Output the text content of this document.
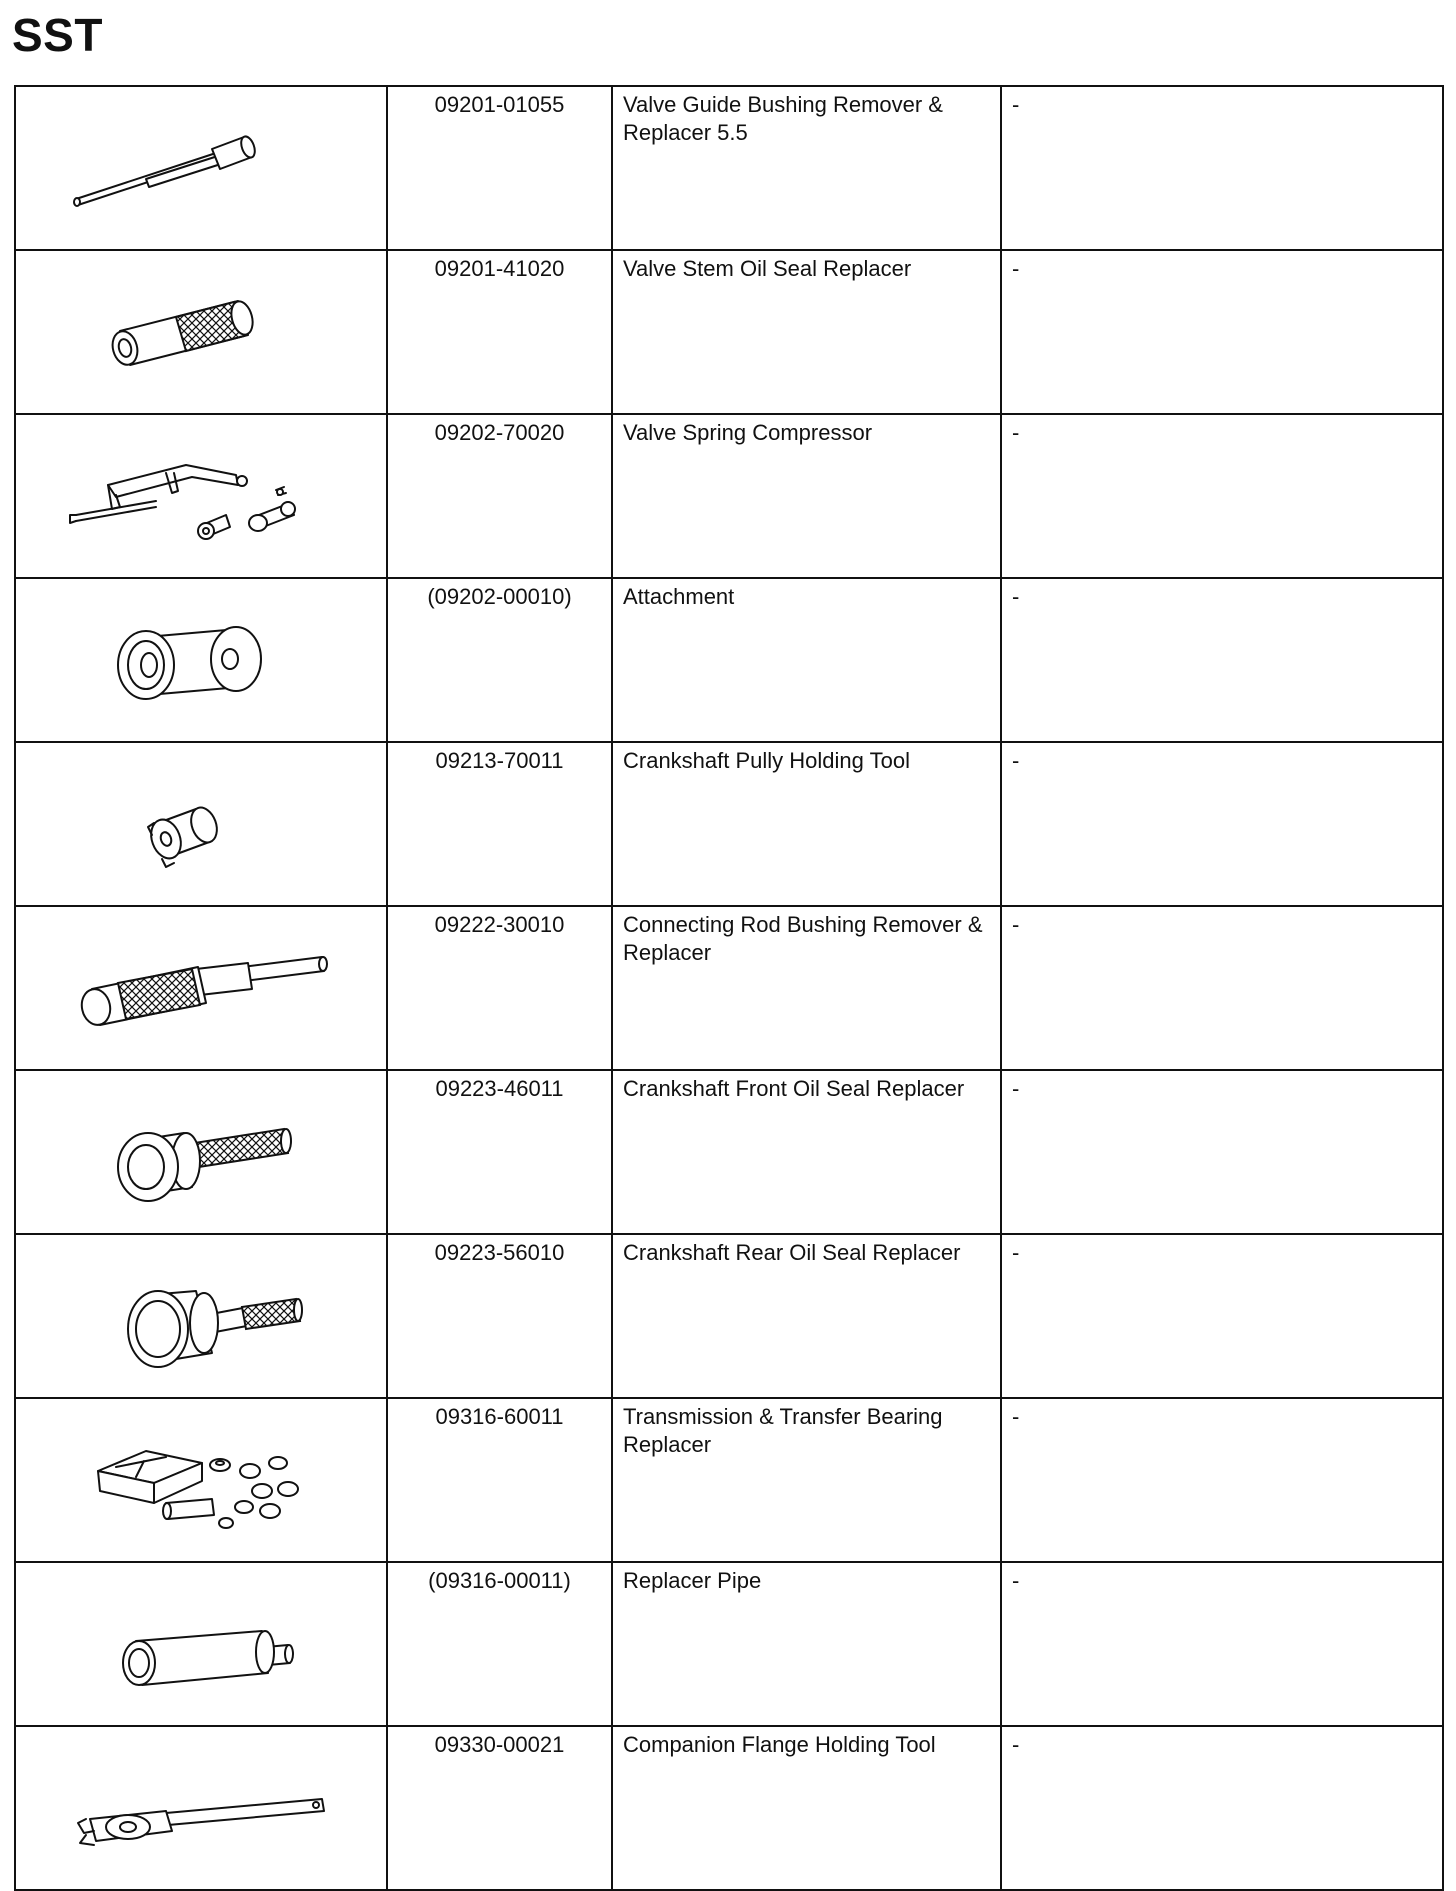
SST
	09201-01055	Valve Guide Bushing Remover & Replacer 5.5	-

	09201-41020	Valve Stem Oil Seal Replacer	-

	09202-70020	Valve Spring Compressor	-

	(09202-00010)	Attachment	-

	09213-70011	Crankshaft Pully Holding Tool	-

	09222-30010	Connecting Rod Bushing Remover & Replacer	-

	09223-46011	Crankshaft Front Oil Seal Replacer	-

	09223-56010	Crankshaft Rear Oil Seal Replacer	-

	09316-60011	Transmission & Transfer Bearing Replacer	-

	(09316-00011)	Replacer Pipe	-

	09330-00021	Companion Flange Holding Tool	-
